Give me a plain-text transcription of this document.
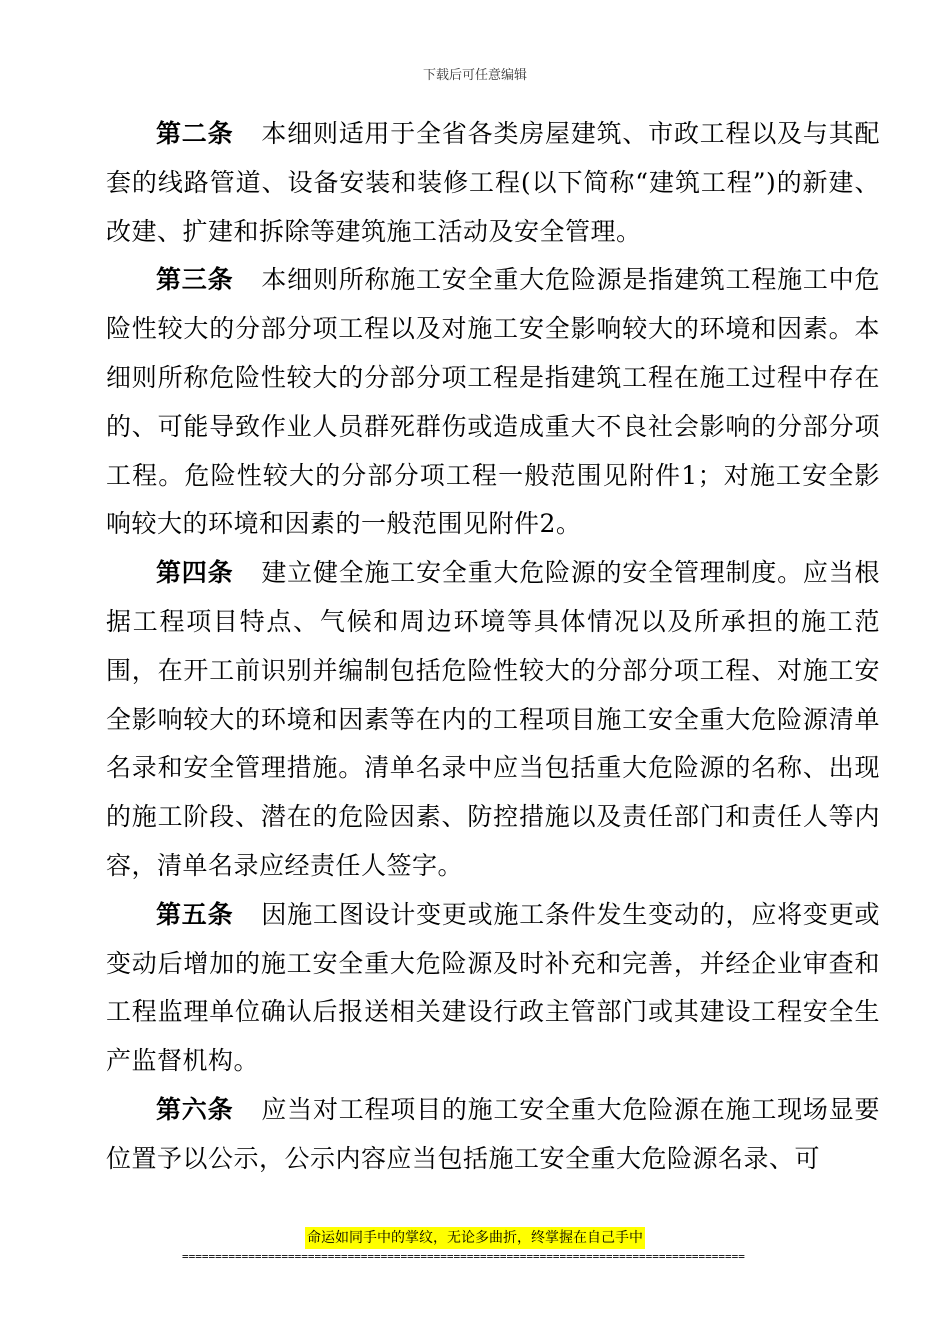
下载后可任意编辑

第二条 本细则适用于全省各类房屋建筑、市政工程以及与其配套的线路管道、设备安装和装修工程(以下简称“建筑工程”)的新建、改建、扩建和拆除等建筑施工活动及安全管理。

第三条 本细则所称施工安全重大危险源是指建筑工程施工中危险性较大的分部分项工程以及对施工安全影响较大的环境和因素。本细则所称危险性较大的分部分项工程是指建筑工程在施工过程中存在的、可能导致作业人员群死群伤或造成重大不良社会影响的分部分项工程。危险性较大的分部分项工程一般范围见附件1；对施工安全影响较大的环境和因素的一般范围见附件2。

第四条 建立健全施工安全重大危险源的安全管理制度。应当根据工程项目特点、气候和周边环境等具体情况以及所承担的施工范围，在开工前识别并编制包括危险性较大的分部分项工程、对施工安全影响较大的环境和因素等在内的工程项目施工安全重大危险源清单名录和安全管理措施。清单名录中应当包括重大危险源的名称、出现的施工阶段、潜在的危险因素、防控措施以及责任部门和责任人等内容，清单名录应经责任人签字。

第五条 因施工图设计变更或施工条件发生变动的，应将变更或变动后增加的施工安全重大危险源及时补充和完善，并经企业审查和工程监理单位确认后报送相关建设行政主管部门或其建设工程安全生产监督机构。

第六条 应当对工程项目的施工安全重大危险源在施工现场显要位置予以公示，公示内容应当包括施工安全重大危险源名录、可

命运如同手中的掌纹，无论多曲折，终掌握在自己手中
=====================================================================================
